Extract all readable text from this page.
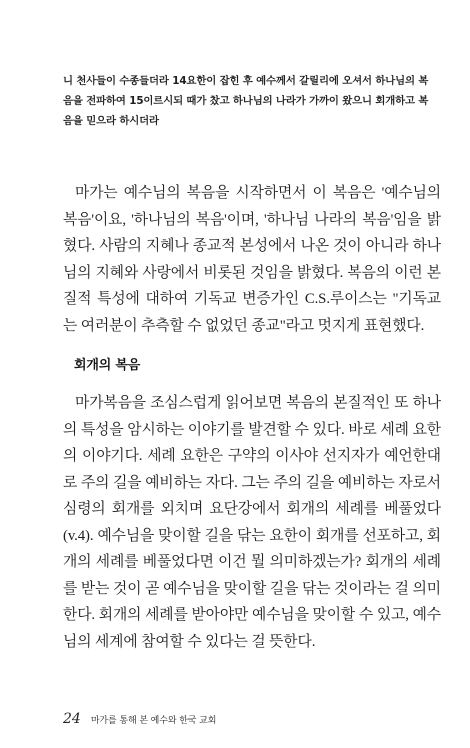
니 천사들이 수종들더라 14요한이 잡힌 후 예수께서 갈릴리에 오셔서 하나님의 복음을 전파하여 15이르시되 때가 찼고 하나님의 나라가 가까이 왔으니 회개하고 복음을 믿으라 하시더라

마가는 예수님의 복음을 시작하면서 이 복음은 '예수님의 복음'이요, '하나님의 복음'이며, '하나님 나라의 복음'임을 밝혔다. 사람의 지혜나 종교적 본성에서 나온 것이 아니라 하나님의 지혜와 사랑에서 비롯된 것임을 밝혔다. 복음의 이런 본질적 특성에 대하여 기독교 변증가인 C.S.루이스는 "기독교는 여러분이 추측할 수 없었던 종교"라고 멋지게 표현했다.

회개의 복음

마가복음을 조심스럽게 읽어보면 복음의 본질적인 또 하나의 특성을 암시하는 이야기를 발견할 수 있다. 바로 세례 요한의 이야기다. 세례 요한은 구약의 이사야 선지자가 예언한대로 주의 길을 예비하는 자다. 그는 주의 길을 예비하는 자로서 심령의 회개를 외치며 요단강에서 회개의 세례를 베풀었다(v.4). 예수님을 맞이할 길을 닦는 요한이 회개를 선포하고, 회개의 세례를 베풀었다면 이건 뭘 의미하겠는가? 회개의 세례를 받는 것이 곧 예수님을 맞이할 길을 닦는 것이라는 걸 의미한다. 회개의 세례를 받아야만 예수님을 맞이할 수 있고, 예수님의 세계에 참여할 수 있다는 걸 뜻한다.

24 마가를 통해 본 예수와 한국 교회
